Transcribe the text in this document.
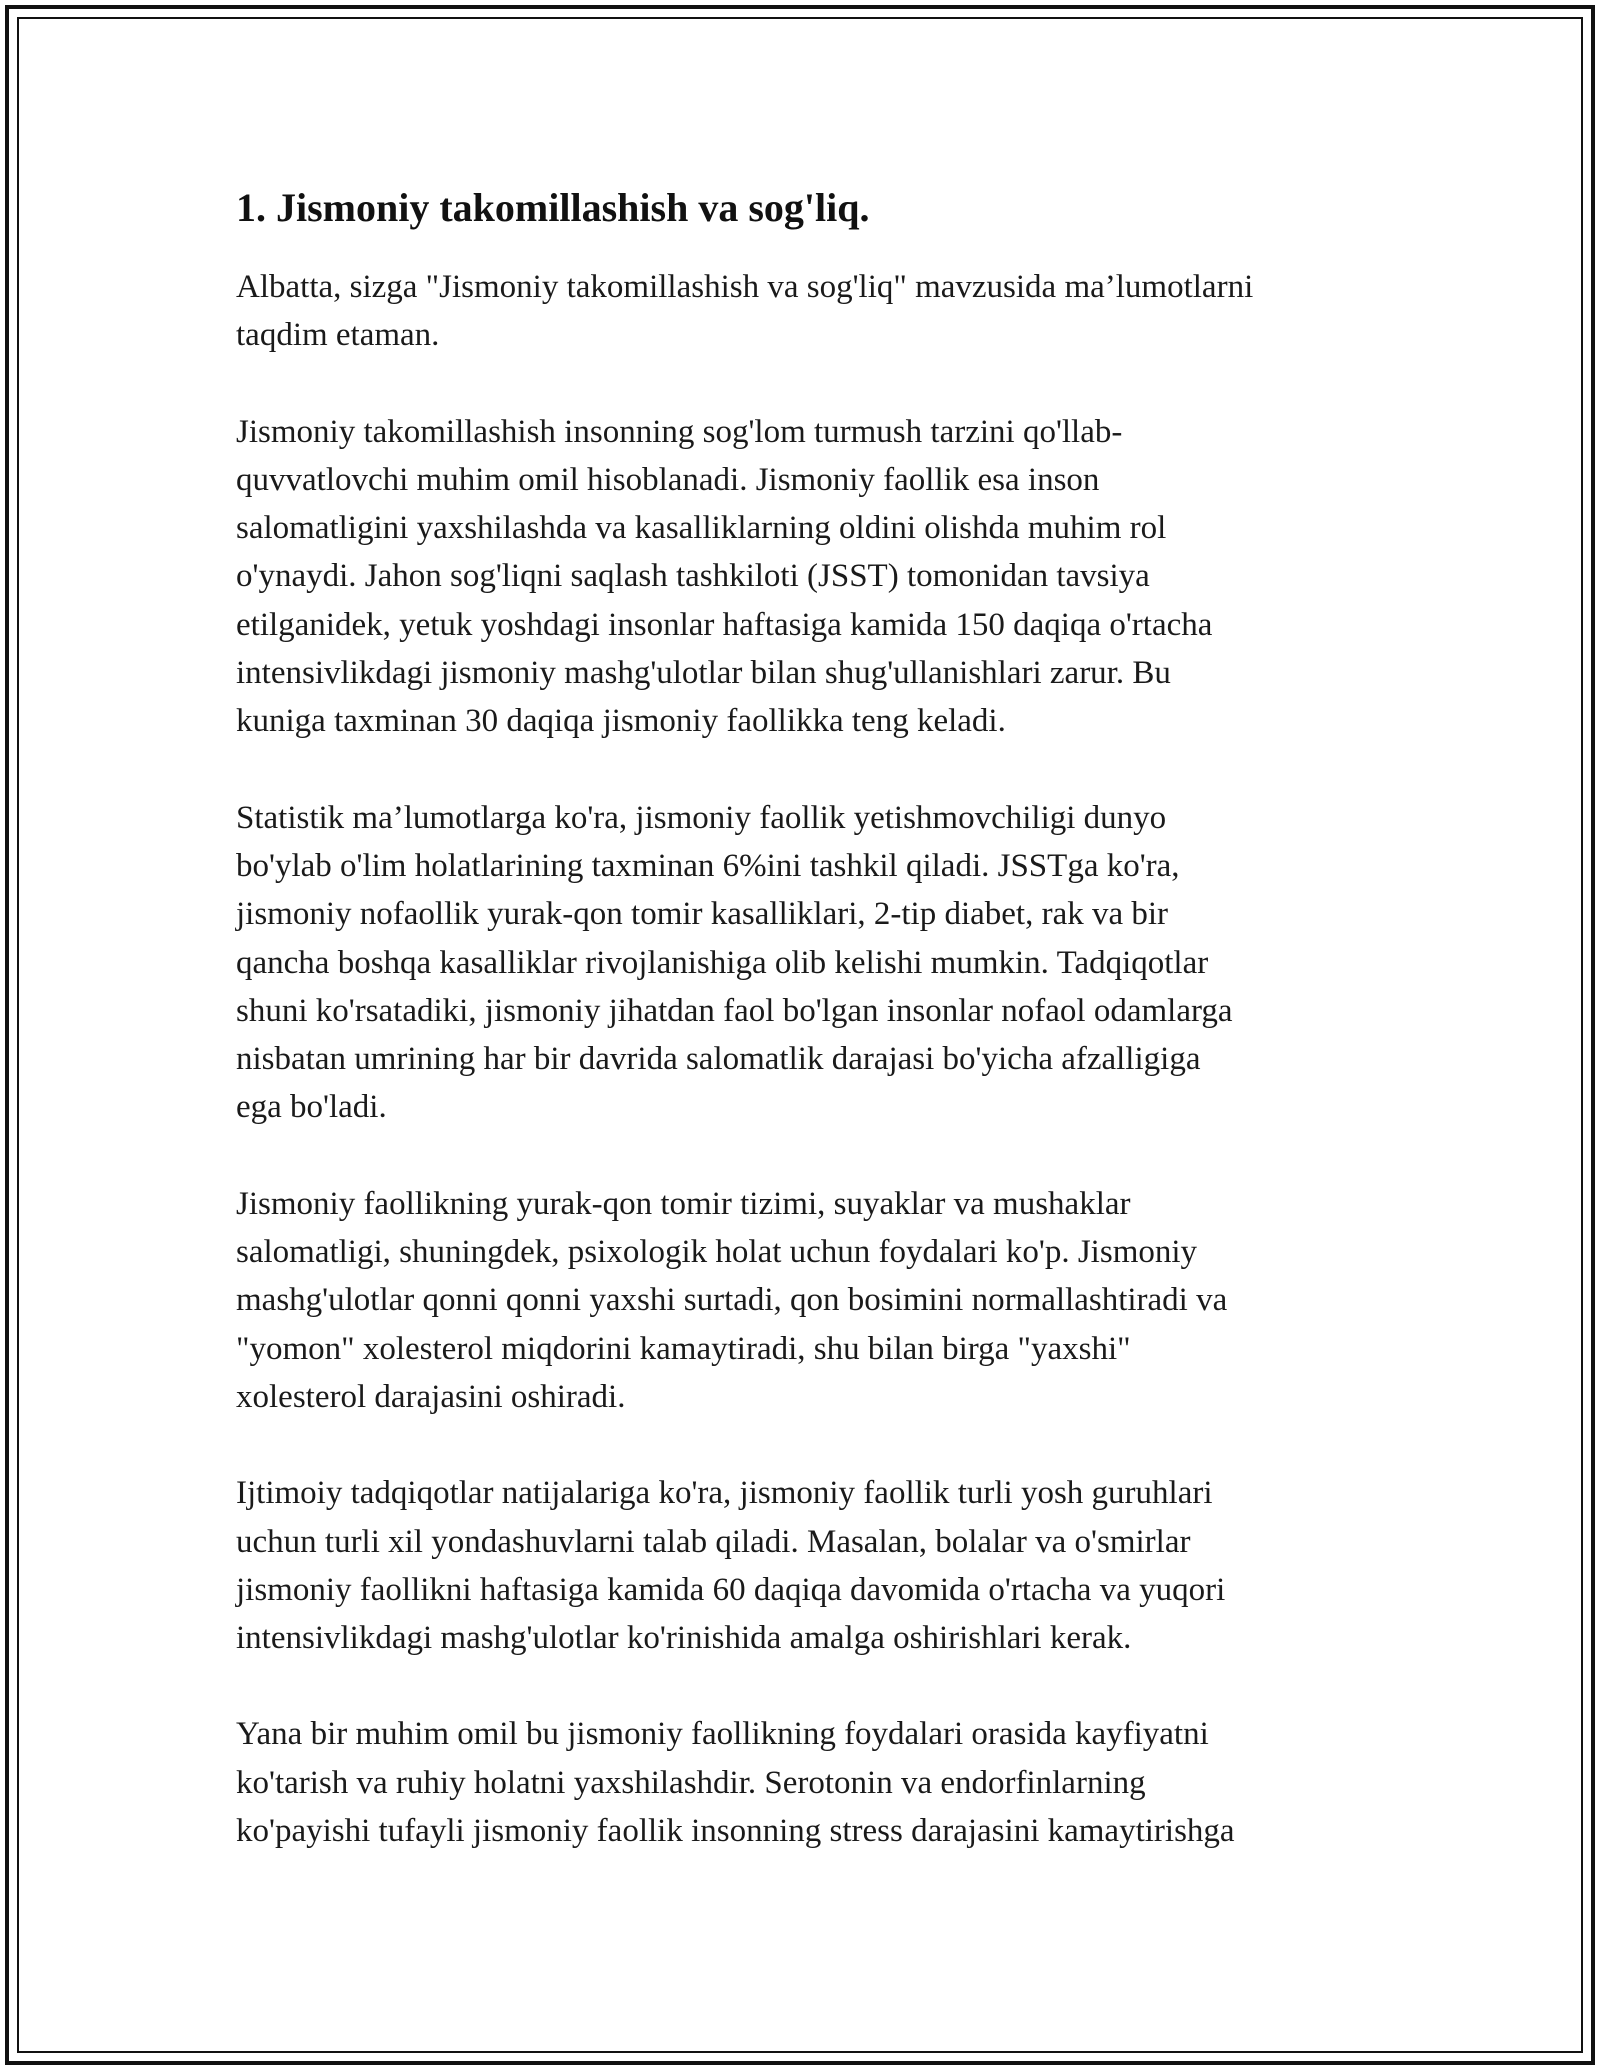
1. Jismoniy takomillashish va sog'liq.

Albatta, sizga "Jismoniy takomillashish va sog'liq" mavzusida ma’lumotlarni
taqdim etaman.

Jismoniy takomillashish insonning sog'lom turmush tarzini qo'llab-
quvvatlovchi muhim omil hisoblanadi. Jismoniy faollik esa inson
salomatligini yaxshilashda va kasalliklarning oldini olishda muhim rol
o'ynaydi. Jahon sog'liqni saqlash tashkiloti (JSST) tomonidan tavsiya
etilganidek, yetuk yoshdagi insonlar haftasiga kamida 150 daqiqa o'rtacha
intensivlikdagi jismoniy mashg'ulotlar bilan shug'ullanishlari zarur. Bu
kuniga taxminan 30 daqiqa jismoniy faollikka teng keladi.

Statistik ma’lumotlarga ko'ra, jismoniy faollik yetishmovchiligi dunyo
bo'ylab o'lim holatlarining taxminan 6%ini tashkil qiladi. JSSTga ko'ra,
jismoniy nofaollik yurak-qon tomir kasalliklari, 2-tip diabet, rak va bir
qancha boshqa kasalliklar rivojlanishiga olib kelishi mumkin. Tadqiqotlar
shuni ko'rsatadiki, jismoniy jihatdan faol bo'lgan insonlar nofaol odamlarga
nisbatan umrining har bir davrida salomatlik darajasi bo'yicha afzalligiga
ega bo'ladi.

Jismoniy faollikning yurak-qon tomir tizimi, suyaklar va mushaklar
salomatligi, shuningdek, psixologik holat uchun foydalari ko'p. Jismoniy
mashg'ulotlar qonni qonni yaxshi surtadi, qon bosimini normallashtiradi va
"yomon" xolesterol miqdorini kamaytiradi, shu bilan birga "yaxshi"
xolesterol darajasini oshiradi.

Ijtimoiy tadqiqotlar natijalariga ko'ra, jismoniy faollik turli yosh guruhlari
uchun turli xil yondashuvlarni talab qiladi. Masalan, bolalar va o'smirlar
jismoniy faollikni haftasiga kamida 60 daqiqa davomida o'rtacha va yuqori
intensivlikdagi mashg'ulotlar ko'rinishida amalga oshirishlari kerak.

Yana bir muhim omil bu jismoniy faollikning foydalari orasida kayfiyatni
ko'tarish va ruhiy holatni yaxshilashdir. Serotonin va endorfinlarning
ko'payishi tufayli jismoniy faollik insonning stress darajasini kamaytirishga
